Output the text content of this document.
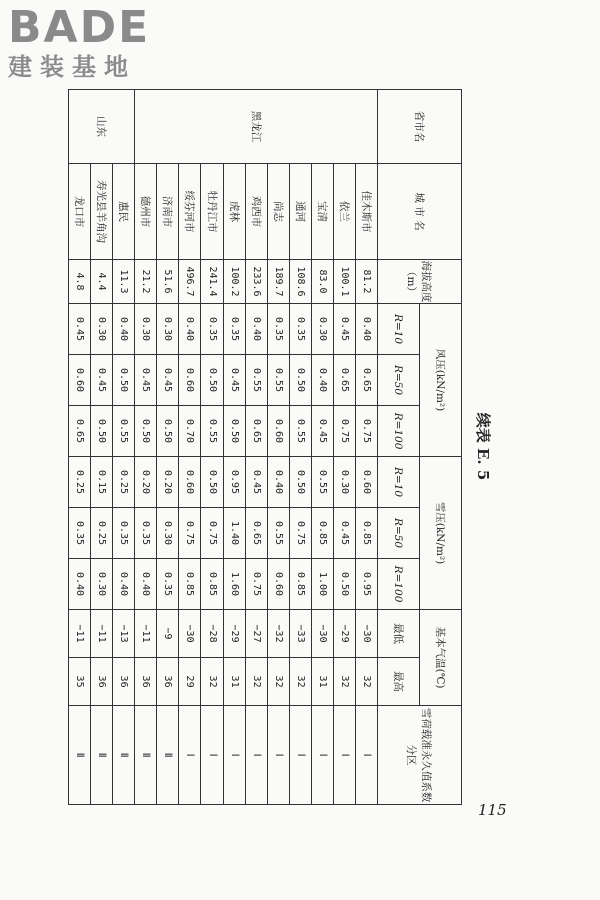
BADE
建装基地
续表 E. 5
省市名	城 市 名	海拔高度（m）	风压(kN/m²)			雪压(kN/m²)			基本气温(℃)		雪荷载准永久值系数分区
			R=10	R=50	R=100	R=10	R=50	R=100	最低	最高	
黑龙江	佳木斯市	81.2	0.40	0.65	0.75	0.60	0.85	0.95	−30	32	Ⅰ
	依兰	100.1	0.45	0.65	0.75	0.30	0.45	0.50	−29	32	Ⅰ
	宝清	83.0	0.30	0.40	0.45	0.55	0.85	1.00	−30	31	Ⅰ
	通河	108.6	0.35	0.50	0.55	0.50	0.75	0.85	−33	32	Ⅰ
	尚志	189.7	0.35	0.55	0.60	0.40	0.55	0.60	−32	32	Ⅰ
	鸡西市	233.6	0.40	0.55	0.65	0.45	0.65	0.75	−27	32	Ⅰ
	虎林	100.2	0.35	0.45	0.50	0.95	1.40	1.60	−29	31	Ⅰ
	牡丹江市	241.4	0.35	0.50	0.55	0.50	0.75	0.85	−28	32	Ⅰ
	绥芬河市	496.7	0.40	0.60	0.70	0.60	0.75	0.85	−30	29	Ⅰ
	济南市	51.6	0.30	0.45	0.50	0.20	0.30	0.35	−9	36	Ⅱ
	德州市	21.2	0.30	0.45	0.50	0.20	0.35	0.40	−11	36	Ⅱ
山东	惠民	11.3	0.40	0.50	0.55	0.25	0.35	0.40	−13	36	Ⅱ
	寿光县羊角沟	4.4	0.30	0.45	0.50	0.15	0.25	0.30	−11	36	Ⅱ
	龙口市	4.8	0.45	0.60	0.65	0.25	0.35	0.40	−11	35	Ⅱ
115
